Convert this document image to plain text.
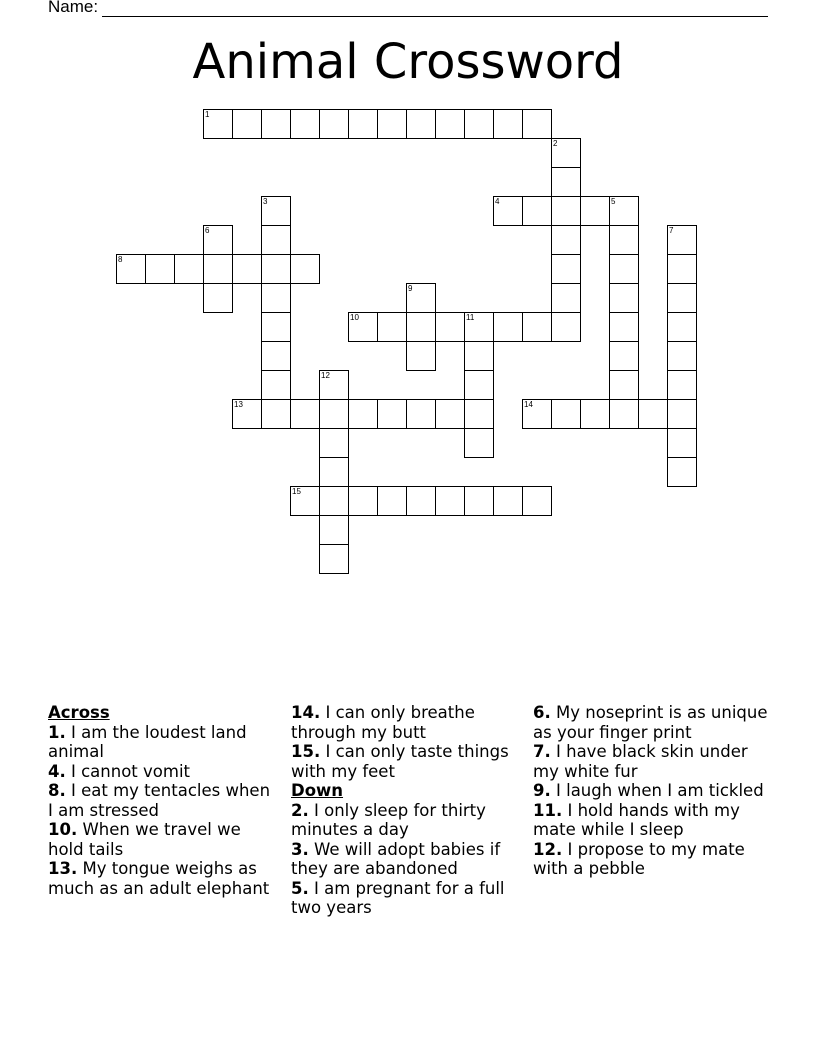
Name:
Animal Crossword
1
2
3	4	5
6	7
8
9
10	11
12
13	14
15
Across
1. I am the loudest land animal
4. I cannot vomit
8. I eat my tentacles when I am stressed
10. When we travel we hold tails
13. My tongue weighs as much as an adult elephant
14. I can only breathe through my butt
15. I can only taste things with my feet
Down
2. I only sleep for thirty minutes a day
3. We will adopt babies if they are abandoned
5. I am pregnant for a full two years
6. My noseprint is as unique as your finger print
7. I have black skin under my white fur
9. I laugh when I am tickled
11. I hold hands with my mate while I sleep
12. I propose to my mate with a pebble
